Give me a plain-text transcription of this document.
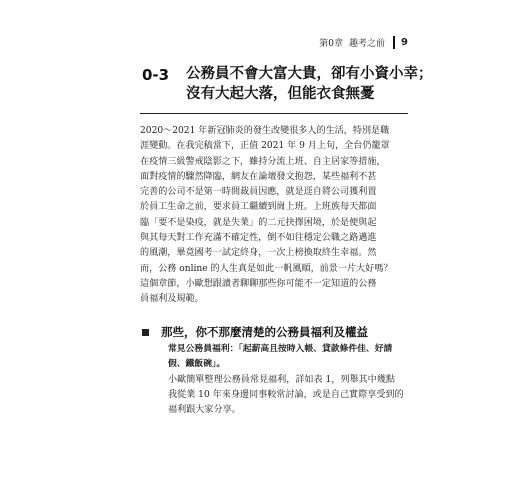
第0章 趣考之前 9
0-3 公務員不會大富大貴，卻有小資小幸；
沒有大起大落，但能衣食無憂
2020～2021 年新冠肺炎的發生改變很多人的生活，特別是職
涯變動。在我完稿當下，正值 2021 年 9 月上旬，全台仍籠罩
在疫情三級警戒陰影之下，雖持分流上班、自主居家等措施，
面對疫情的驟然降臨，網友在論壇發文抱怨，某些福利不甚
完善的公司不是第一時間裁員因應，就是逕自將公司獲利置
於員工生命之前，要求員工繼續到崗上班。上班族每天都面
臨「要不是染疫，就是失業」的二元抉擇困境，於是便與起
與其每天對工作充滿不確定性，倒不如往穩定公職之路邁進
的風潮，畢竟國考一試定終身，一次上榜換取終生幸福。然
而，公務 online 的人生真是如此一帆風順，前景一片大好嗎？
這個章節，小歐想跟讀者聊聊那些你可能不一定知道的公務
員福利及規範。
那些，你不那麼清楚的公務員福利及權益
常見公務員福利：「起薪高且按時入帳、貸款條件佳、好請
假、鐵飯碗」。
小歐簡單整理公務員常見福利，詳如表 1，列舉其中幾點
我從業 10 年來身邊同事較常討論，或是自己實際享受到的
福利跟大家分享。
